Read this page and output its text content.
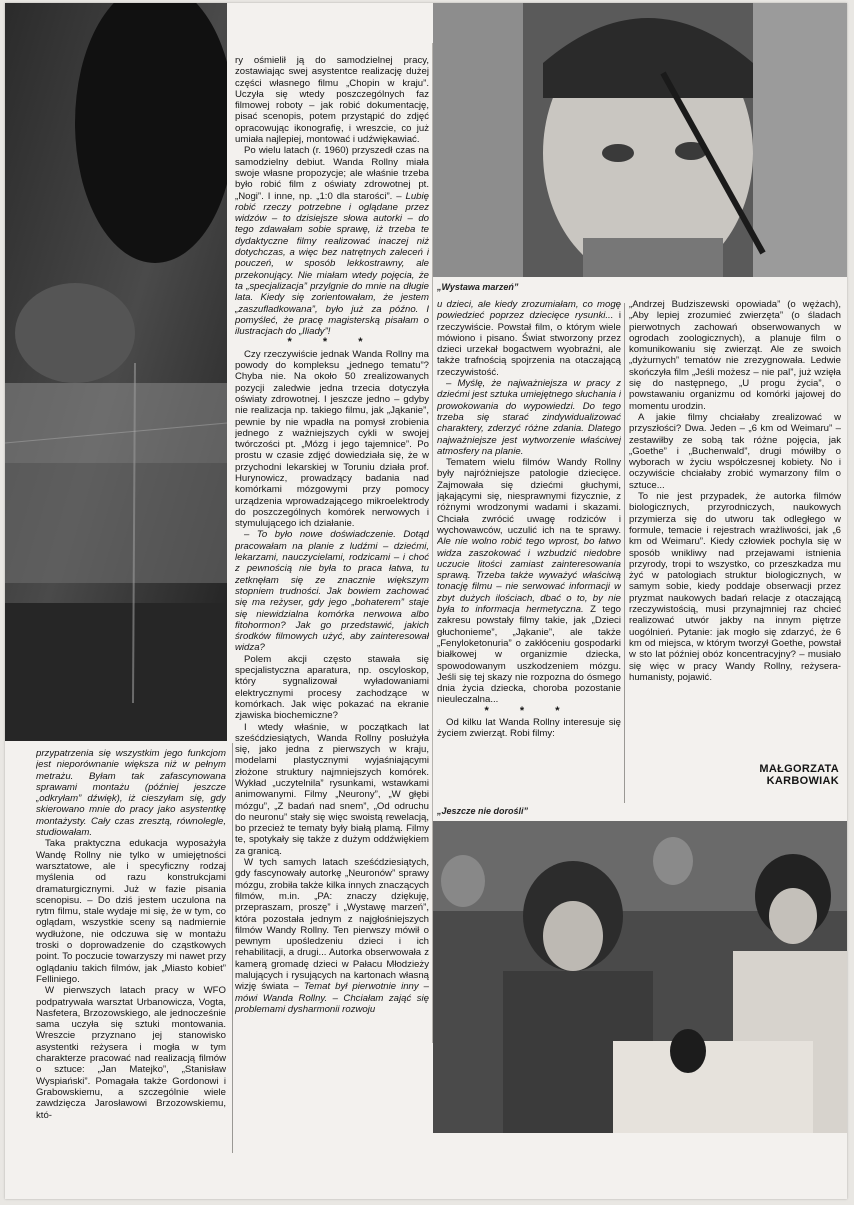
„Wystawa marzeń”
„Jeszcze nie dorośli”

przypatrzenia się wszystkim jego funkcjom jest nieporównanie większa niż w pełnym metrażu. Byłam tak zafascynowana sprawami montażu (później jeszcze „odkryłam” dźwięk), iż cieszyłam się, gdy skierowano mnie do pracy jako asystentkę montażysty. Cały czas zresztą, równolegle, studiowałam.

Taka praktyczna edukacja wyposażyła Wandę Rollny nie tylko w umiejętności warsztatowe, ale i specyficzny rodzaj myślenia od razu konstrukcjami dramaturgicznymi. Już w fazie pisania scenopisu. – Do dziś jestem uczulona na rytm filmu, stale wydaje mi się, że w tym, co oglądam, wszystkie sceny są nadmiernie wydłużone, nie odczuwa się w montażu troski o doprowadzenie do cząstkowych point. To poczucie towarzyszy mi nawet przy oglądaniu takich filmów, jak „Miasto kobiet” Felliniego.

W pierwszych latach pracy w WFO podpatrywała warsztat Urbanowicza, Vogta, Nasfetera, Brzozowskiego, ale jednocześnie sama uczyła się sztuki montowania. Wreszcie przyznano jej stanowisko asystentki reżysera i mogła w tym charakterze pracować nad realizacją filmów o sztuce: „Jan Matejko”, „Stanisław Wyspiański”. Pomagała także Gordonowi i Grabowskiemu, a szczególnie wiele zawdzięcza Jarosławowi Brzozowskiemu, któ-

ry ośmielił ją do samodzielnej pracy, zostawiając swej asystentce realizację dużej części własnego filmu „Chopin w kraju”. Uczyła się wtedy poszczególnych faz filmowej roboty – jak robić dokumentację, pisać scenopis, potem przystąpić do zdjęć opracowując ikonografię, i wreszcie, co już umiała najlepiej, montować i udźwiękawiać.

Po wielu latach (r. 1960) przyszedł czas na samodzielny debiut. Wanda Rollny miała swoje własne propozycje; ale właśnie trzeba było robić film z oświaty zdrowotnej pt. „Nogi”. I inne, np. „1:0 dla starości”. – Lubię robić rzeczy potrzebne i oglądane przez widzów – to dzisiejsze słowa autorki – do tego zdawałam sobie sprawę, iż trzeba te dydaktyczne filmy realizować inaczej niż dotychczas, a więc bez natrętnych zaleceń i pouczeń, w sposób lekkostrawny, ale przekonujący. Nie miałam wtedy pojęcia, że ta „specjalizacja” przylgnie do mnie na długie lata. Kiedy się zorientowałam, że jestem „zaszufladkowana”, było już za późno. I pomyśleć, że pracę magisterską pisałam o ilustracjach do „Iliady”!

* * *

Czy rzeczywiście jednak Wanda Rollny ma powody do kompleksu „jednego tematu”? Chyba nie. Na około 50 zrealizowanych pozycji zaledwie jedna trzecia dotyczyła oświaty zdrowotnej. I jeszcze jedno – gdyby nie realizacja np. takiego filmu, jak „Jąkanie”, pewnie by nie wpadła na pomysł zrobienia jednego z ważniejszych cykli w swojej twórczości pt. „Mózg i jego tajemnice”. Po prostu w czasie zdjęć dowiedziała się, że w przychodni lekarskiej w Toruniu działa prof. Hurynowicz, prowadzący badania nad komórkami mózgowymi przy pomocy urządzenia wprowadzającego mikroelektrody do poszczególnych komórek nerwowych i stymulującego ich działanie.

– To było nowe doświadczenie. Dotąd pracowałam na planie z ludźmi – dziećmi, lekarzami, nauczycielami, rodzicami – i choć z pewnością nie była to praca łatwa, tu zetknęłam się ze znacznie większym stopniem trudności. Jak bowiem zachować się ma reżyser, gdy jego „bohaterem” staje się niewidzialna komórka nerwowa albo fitohormon? Jak go przedstawić, jakich środków filmowych użyć, aby zainteresował widza?

Polem akcji często stawała się specjalistyczna aparatura, np. oscyloskop, który sygnalizował wyładowaniami elektrycznymi procesy zachodzące w komórkach. Jak więc pokazać na ekranie zjawiska biochemiczne?

I wtedy właśnie, w początkach lat sześćdziesiątych, Wanda Rollny posłużyła się, jako jedna z pierwszych w kraju, modelami plastycznymi wyjaśniającymi złożone struktury najmniejszych komórek. Wykład „uczytelnila” rysunkami, wstawkami animowanymi. Filmy „Neurony”, „W głębi mózgu”, „Z badań nad snem”, „Od odruchu do neuronu” stały się więc swoistą rewelacją, bo przecież te tematy były białą plamą. Filmy te, spotykały się także z dużym oddźwiękiem za granicą.

W tych samych latach sześćdziesiątych, gdy fascynowały autorkę „Neuronów” sprawy mózgu, zrobiła także kilka innych znaczących filmów, m.in. „PA: znaczy dziękuję, przepraszam, proszę” i „Wystawę marzeń”, która pozostała jednym z najgłośniejszych filmów Wandy Rollny. Ten pierwszy mówił o pewnym upośledzeniu dzieci i ich rehabilitacji, a drugi... Autorka obserwowała z kamerą gromadę dzieci w Pałacu Młodzieży malujących i rysujących na kartonach własną wizję świata – Temat był pierwotnie inny – mówi Wanda Rollny. – Chciałam zająć się problemami dysharmonii rozwoju

u dzieci, ale kiedy zrozumiałam, co mogę powiedzieć poprzez dziecięce rysunki... i rzeczywiście. Powstał film, o którym wiele mówiono i pisano. Świat stworzony przez dzieci urzekał bogactwem wyobraźni, ale także trafnością spojrzenia na otaczającą rzeczywistość.

– Myślę, że najważniejsza w pracy z dziećmi jest sztuka umiejętnego słuchania i prowokowania do wypowiedzi. Do tego trzeba się starać zindywidualizować charaktery, zderzyć różne zdania. Dlatego najważniejsze jest wytworzenie właściwej atmosfery na planie.

Tematem wielu filmów Wandy Rollny były najróżniejsze patologie dziecięce. Zajmowała się dziećmi głuchymi, jąkającymi się, niesprawnymi fizycznie, z różnymi wrodzonymi wadami i skazami. Chciała zwrócić uwagę rodziców i wychowawców, uczulić ich na te sprawy. Ale nie wolno robić tego wprost, bo łatwo widza zaszokować i wzbudzić niedobre uczucie litości zamiast zainteresowania sprawą. Trzeba także wyważyć właściwą tonację filmu – nie serwować informacji w zbyt dużych ilościach, dbać o to, by nie była to informacja hermetyczna. Z tego zakresu powstały filmy takie, jak „Dzieci głuchonieme”, „Jąkanie”, ale także „Fenyloketonuria” o zakłóceniu gospodarki białkowej w organizmie dziecka, spowodowanym uszkodzeniem mózgu. Jeśli się tej skazy nie rozpozna do ósmego dnia życia dziecka, choroba pozostanie nieuleczalna...

* * *

Od kilku lat Wanda Rollny interesuje się życiem zwierząt. Robi filmy:

„Andrzej Budziszewski opowiada” (o wężach), „Aby lepiej zrozumieć zwierzęta” (o śladach pierwotnych zachowań obserwowanych w ogrodach zoologicznych), a planuje film o komunikowaniu się zwierząt. Ale ze swoich „dyżurnych” tematów nie zrezygnowała. Ledwie skończyła film „Jeśli możesz – nie pal”, już wzięła się do następnego, „U progu życia”, o powstawaniu organizmu od komórki jajowej do momentu urodzin.

A jakie filmy chciałaby zrealizować w przyszłości? Dwa. Jeden – „6 km od Weimaru” – zestawiłby ze sobą tak różne pojęcia, jak „Goethe” i „Buchenwald”, drugi mówiłby o wyborach w życiu współczesnej kobiety. No i oczywiście chciałaby zrobić wymarzony film o sztuce...

To nie jest przypadek, że autorka filmów biologicznych, przyrodniczych, naukowych przymierza się do utworu tak odległego w formule, temacie i rejestrach wrażliwości, jak „6 km od Weimaru”. Kiedy człowiek pochyla się w sposób wnikliwy nad przejawami istnienia przyrody, tropi to wszystko, co przeszkadza mu żyć w patologiach struktur biologicznych, w samym sobie, kiedy poddaje obserwacji przez pryzmat naukowych badań relacje z otaczającą rzeczywistością, musi przynajmniej raz chcieć realizować utwór jakby na innym piętrze uogólnień. Pytanie: jak mogło się zdarzyć, że 6 km od miejsca, w którym tworzył Goethe, powstał w sto lat później obóz koncentracyjny? – musiało się więc w pracy Wandy Rollny, reżysera-humanisty, pojawić.

MAŁGORZATA
KARBOWIAK
